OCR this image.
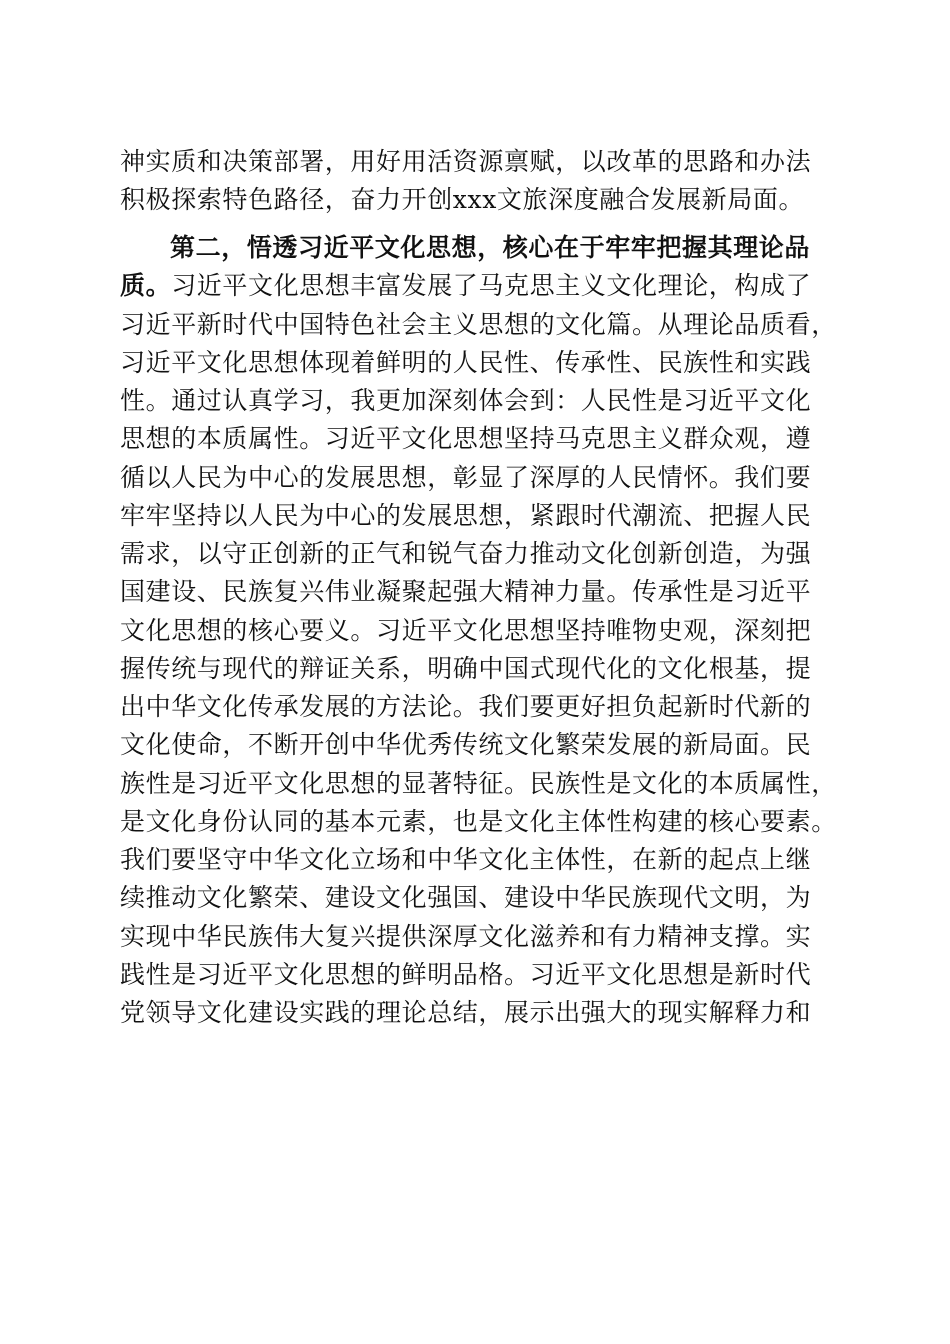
神实质和决策部署，用好用活资源禀赋，以改革的思路和办法
积极探索特色路径，奋力开创xxx文旅深度融合发展新局面。
第二，悟透习近平文化思想，核心在于牢牢把握其理论品
质。习近平文化思想丰富发展了马克思主义文化理论，构成了
习近平新时代中国特色社会主义思想的文化篇。从理论品质看，
习近平文化思想体现着鲜明的人民性、传承性、民族性和实践
性。通过认真学习，我更加深刻体会到：人民性是习近平文化
思想的本质属性。习近平文化思想坚持马克思主义群众观，遵
循以人民为中心的发展思想，彰显了深厚的人民情怀。我们要
牢牢坚持以人民为中心的发展思想，紧跟时代潮流、把握人民
需求，以守正创新的正气和锐气奋力推动文化创新创造，为强
国建设、民族复兴伟业凝聚起强大精神力量。传承性是习近平
文化思想的核心要义。习近平文化思想坚持唯物史观，深刻把
握传统与现代的辩证关系，明确中国式现代化的文化根基，提
出中华文化传承发展的方法论。我们要更好担负起新时代新的
文化使命，不断开创中华优秀传统文化繁荣发展的新局面。民
族性是习近平文化思想的显著特征。民族性是文化的本质属性，
是文化身份认同的基本元素，也是文化主体性构建的核心要素。
我们要坚守中华文化立场和中华文化主体性，在新的起点上继
续推动文化繁荣、建设文化强国、建设中华民族现代文明，为
实现中华民族伟大复兴提供深厚文化滋养和有力精神支撑。实
践性是习近平文化思想的鲜明品格。习近平文化思想是新时代
党领导文化建设实践的理论总结，展示出强大的现实解释力和
